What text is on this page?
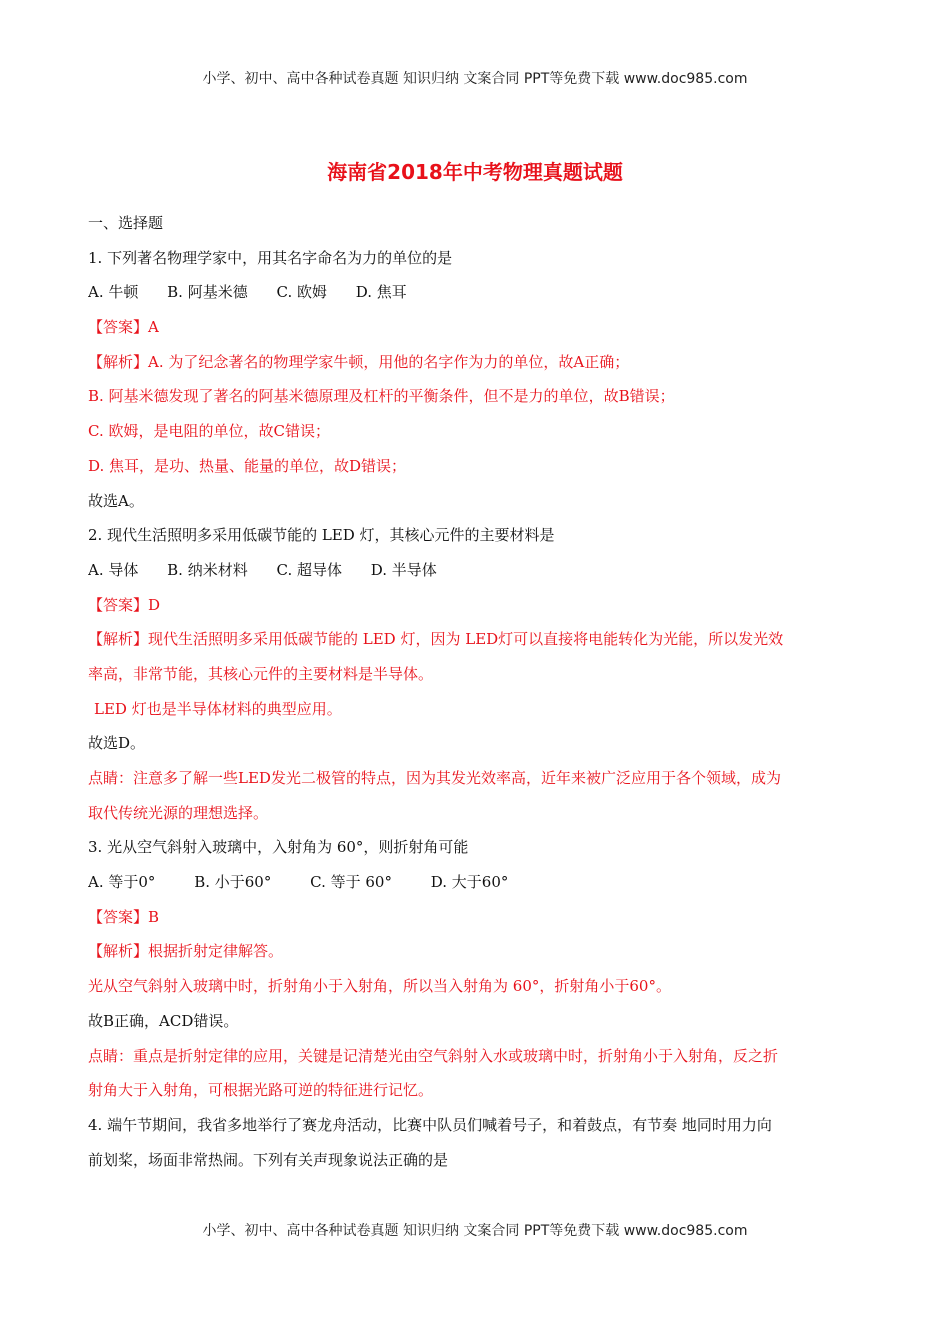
小学、初中、高中各种试卷真题 知识归纳 文案合同 PPT等免费下载 www.doc985.com
海南省2018年中考物理真题试题
一、选择题
1. 下列著名物理学家中，用其名字命名为力的单位的是
A. 牛顿 B. 阿基米德 C. 欧姆 D. 焦耳
【答案】A
【解析】A. 为了纪念著名的物理学家牛顿，用他的名字作为力的单位，故A正确；
B. 阿基米德发现了著名的阿基米德原理及杠杆的平衡条件，但不是力的单位，故B错误；
C. 欧姆，是电阻的单位，故C错误；
D. 焦耳，是功、热量、能量的单位，故D错误；
故选A。
2. 现代生活照明多采用低碳节能的 LED 灯，其核心元件的主要材料是
A. 导体 B. 纳米材料 C. 超导体 D. 半导体
【答案】D
【解析】现代生活照明多采用低碳节能的 LED 灯，因为 LED灯可以直接将电能转化为光能，所以发光效
率高，非常节能，其核心元件的主要材料是半导体。
LED 灯也是半导体材料的典型应用。
故选D。
点睛：注意多了解一些LED发光二极管的特点，因为其发光效率高，近年来被广泛应用于各个领域，成为
取代传统光源的理想选择。
3. 光从空气斜射入玻璃中，入射角为 60°，则折射角可能
A. 等于0°	B. 小于60°	C. 等于 60°	D. 大于60°
【答案】B
【解析】根据折射定律解答。
光从空气斜射入玻璃中时，折射角小于入射角，所以当入射角为 60°，折射角小于60°。
故B正确，ACD错误。
点睛：重点是折射定律的应用，关键是记清楚光由空气斜射入水或玻璃中时，折射角小于入射角，反之折
射角大于入射角，可根据光路可逆的特征进行记忆。
4. 端午节期间，我省多地举行了赛龙舟活动，比赛中队员们喊着号子，和着鼓点，有节奏 地同时用力向
前划桨，场面非常热闹。下列有关声现象说法正确的是
小学、初中、高中各种试卷真题 知识归纳 文案合同 PPT等免费下载 www.doc985.com
